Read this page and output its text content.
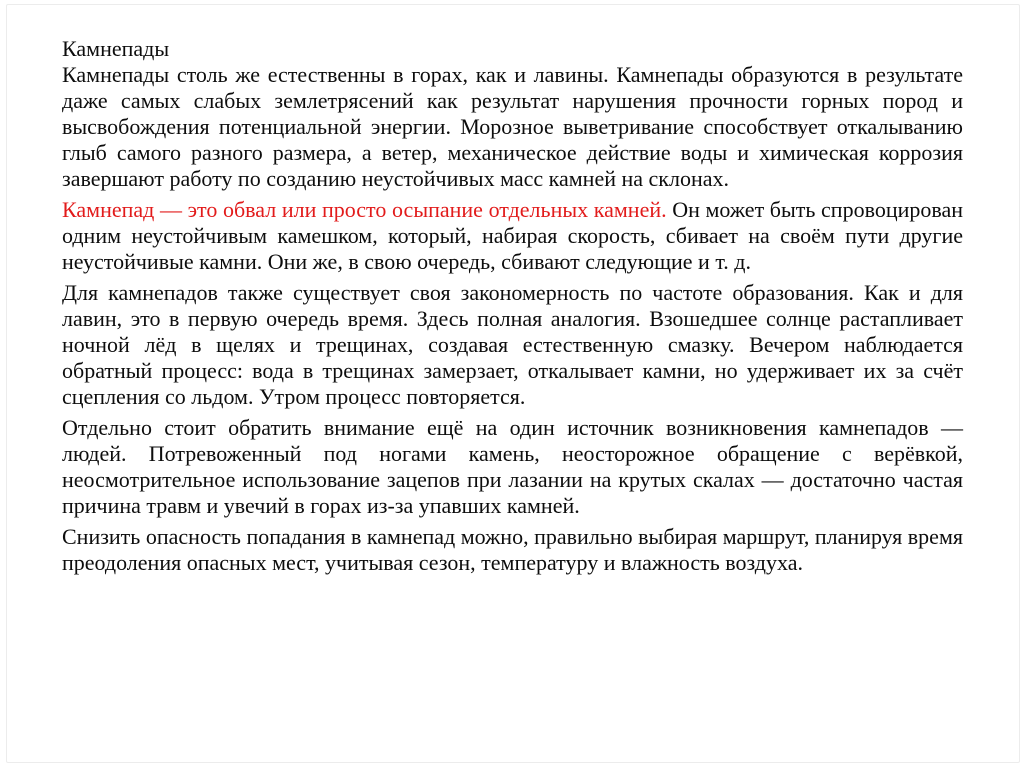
Камнепады

Камнепады столь же естественны в горах, как и лавины. Камнепады образуются в результате даже самых слабых землетрясений как результат нарушения прочности горных пород и высвобождения потенциальной энергии. Морозное выветривание способствует откалыванию глыб самого разного размера, а ветер, механическое действие воды и химическая коррозия завершают работу по созданию неустойчивых масс камней на склонах.

Камнепад — это обвал или просто осыпание отдельных камней. Он может быть спровоцирован одним неустойчивым камешком, который, набирая скорость, сбивает на своём пути другие неустойчивые камни. Они же, в свою очередь, сбивают следующие и т. д.

Для камнепадов также существует своя закономерность по частоте образования. Как и для лавин, это в первую очередь время. Здесь полная аналогия. Взошедшее солнце растапливает ночной лёд в щелях и трещинах, создавая естественную смазку. Вечером наблюдается обратный процесс: вода в трещинах замерзает, откалывает камни, но удерживает их за счёт сцепления со льдом. Утром процесс повторяется.

Отдельно стоит обратить внимание ещё на один источник возникновения камнепадов — людей. Потревоженный под ногами камень, неосторожное обращение с верёвкой, неосмотрительное использование зацепов при лазании на крутых скалах — достаточно частая причина травм и увечий в горах из-за упавших камней.

Снизить опасность попадания в камнепад можно, правильно выбирая маршрут, планируя время преодоления опасных мест, учитывая сезон, температуру и влажность воздуха.
